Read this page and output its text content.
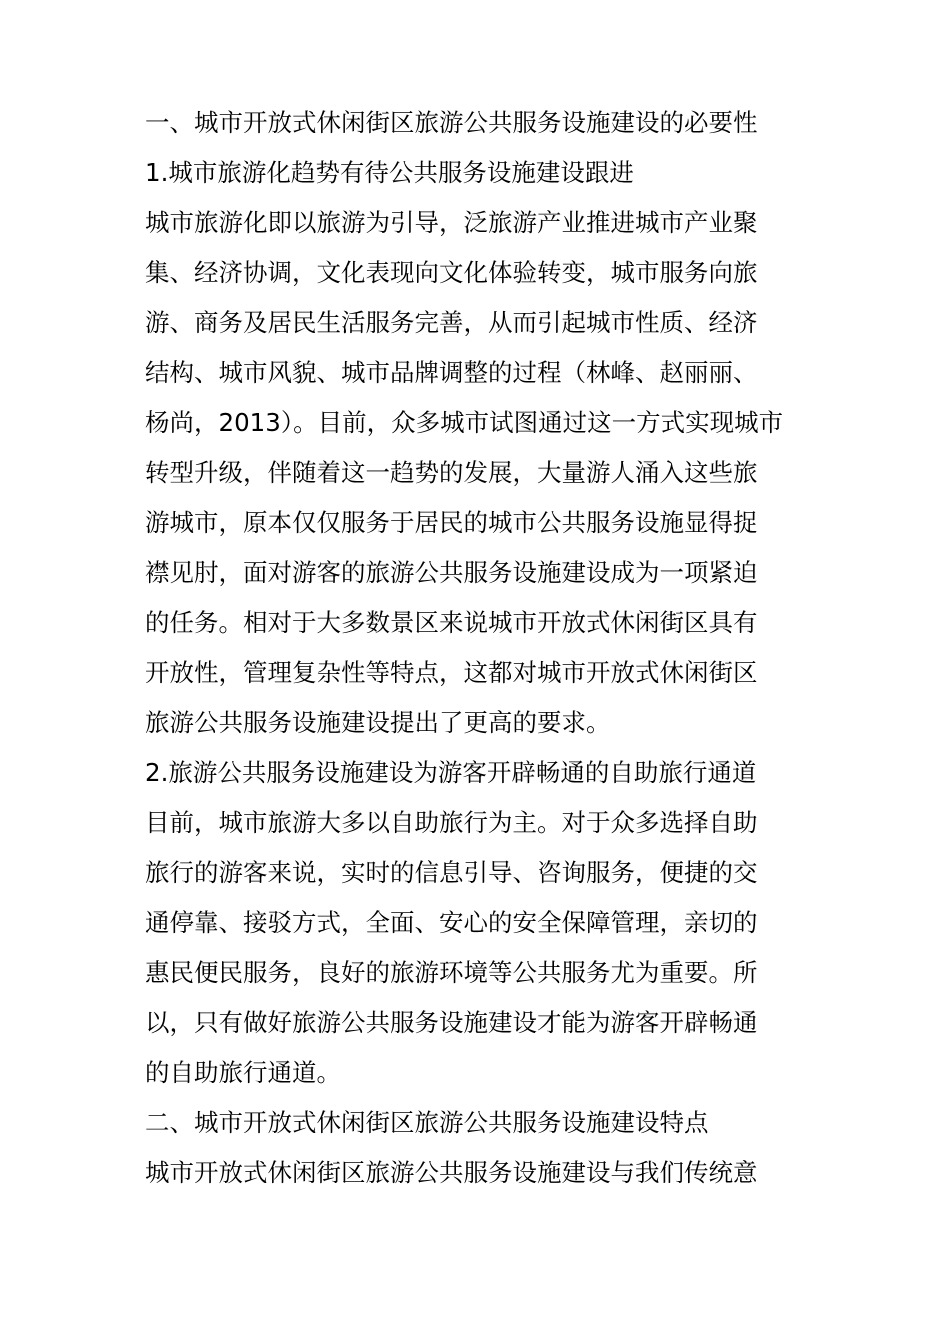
一、城市开放式休闲街区旅游公共服务设施建设的必要性
1.城市旅游化趋势有待公共服务设施建设跟进
城市旅游化即以旅游为引导，泛旅游产业推进城市产业聚
集、经济协调，文化表现向文化体验转变，城市服务向旅
游、商务及居民生活服务完善，从而引起城市性质、经济
结构、城市风貌、城市品牌调整的过程（林峰、赵丽丽、
杨尚，2013）。目前，众多城市试图通过这一方式实现城市
转型升级，伴随着这一趋势的发展，大量游人涌入这些旅
游城市，原本仅仅服务于居民的城市公共服务设施显得捉
襟见肘，面对游客的旅游公共服务设施建设成为一项紧迫
的任务。相对于大多数景区来说城市开放式休闲街区具有
开放性，管理复杂性等特点，这都对城市开放式休闲街区
旅游公共服务设施建设提出了更高的要求。
2.旅游公共服务设施建设为游客开辟畅通的自助旅行通道
目前，城市旅游大多以自助旅行为主。对于众多选择自助
旅行的游客来说，实时的信息引导、咨询服务，便捷的交
通停靠、接驳方式，全面、安心的安全保障管理，亲切的
惠民便民服务，良好的旅游环境等公共服务尤为重要。所
以，只有做好旅游公共服务设施建设才能为游客开辟畅通
的自助旅行通道。
二、城市开放式休闲街区旅游公共服务设施建设特点
城市开放式休闲街区旅游公共服务设施建设与我们传统意
